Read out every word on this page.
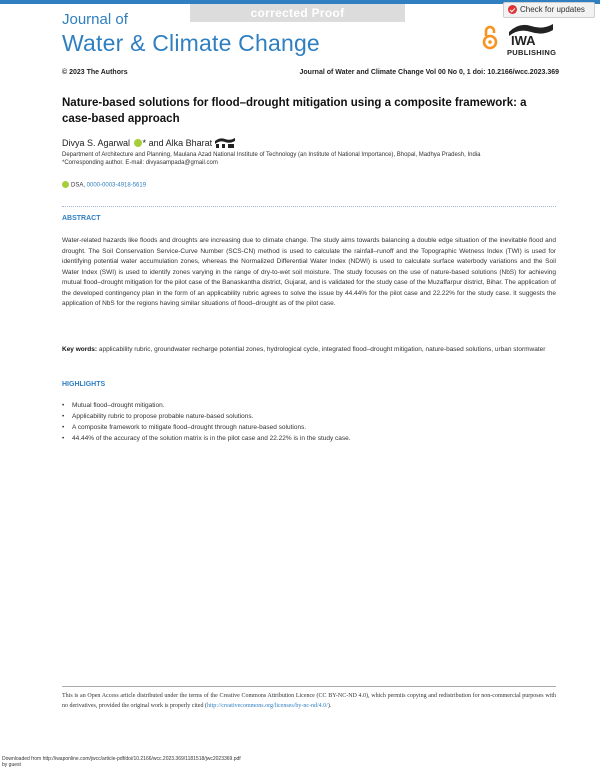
corrected Proof
Journal of
Water & Climate Change
Check for updates
IWA
PUBLISHING
© 2023 The Authors	Journal of Water and Climate Change Vol 00 No 0, 1 doi: 10.2166/wcc.2023.369
Nature-based solutions for flood–drought mitigation using a composite framework: a case-based approach
Divya S. Agarwal * and Alka Bharat
Department of Architecture and Planning, Maulana Azad National Institute of Technology (an Institute of National Importance), Bhopal, Madhya Pradesh, India
*Corresponding author. E-mail: divyasampada@gmail.com
DSA, 0000-0003-4918-5619
ABSTRACT
Water-related hazards like floods and droughts are increasing due to climate change. The study aims towards balancing a double edge situation of the inevitable flood and drought. The Soil Conservation Service-Curve Number (SCS-CN) method is used to calculate the rainfall–runoff and the Topographic Wetness Index (TWI) is used for identifying potential water accumulation zones, whereas the Normalized Differential Water Index (NDWI) is used to calculate surface waterbody variations and the Soil Water Index (SWI) is used to identify zones varying in the range of dry-to-wet soil moisture. The study focuses on the use of nature-based solutions (NbS) for achieving mutual flood–drought mitigation for the pilot case of the Banaskantha district, Gujarat, and is validated for the study case of the Muzaffarpur district, Bihar. The application of the developed contingency plan in the form of an applicability rubric agrees to solve the issue by 44.44% for the pilot case and 22.22% for the study case. It suggests the application of NbS for the regions having similar situations of flood–drought as of the pilot case.
Key words: applicability rubric, groundwater recharge potential zones, hydrological cycle, integrated flood–drought mitigation, nature-based solutions, urban stormwater
HIGHLIGHTS
• Mutual flood–drought mitigation.
• Applicability rubric to propose probable nature-based solutions.
• A composite framework to mitigate flood–drought through nature-based solutions.
• 44.44% of the accuracy of the solution matrix is in the pilot case and 22.22% is in the study case.
This is an Open Access article distributed under the terms of the Creative Commons Attribution Licence (CC BY-NC-ND 4.0), which permits copying and redistribution for non-commercial purposes with no derivatives, provided the original work is properly cited (http://creativecommons.org/licenses/by-nc-nd/4.0/).
Downloaded from http://iwaponline.com/jwcc/article-pdf/doi/10.2166/wcc.2023.369/1181518/jwc2023369.pdf
by guest
